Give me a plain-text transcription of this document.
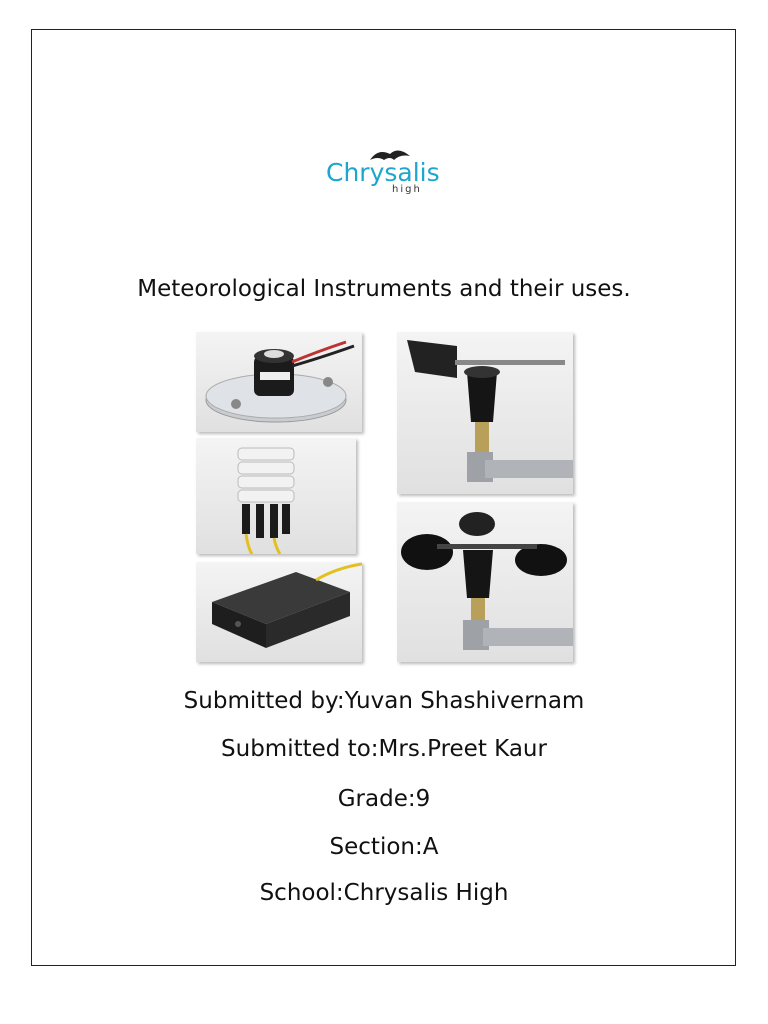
Chrysalis
high
Meteorological Instruments and their uses.
Submitted by:Yuvan Shashivernam
Submitted to:Mrs.Preet Kaur
Grade:9
Section:A
School:Chrysalis High
